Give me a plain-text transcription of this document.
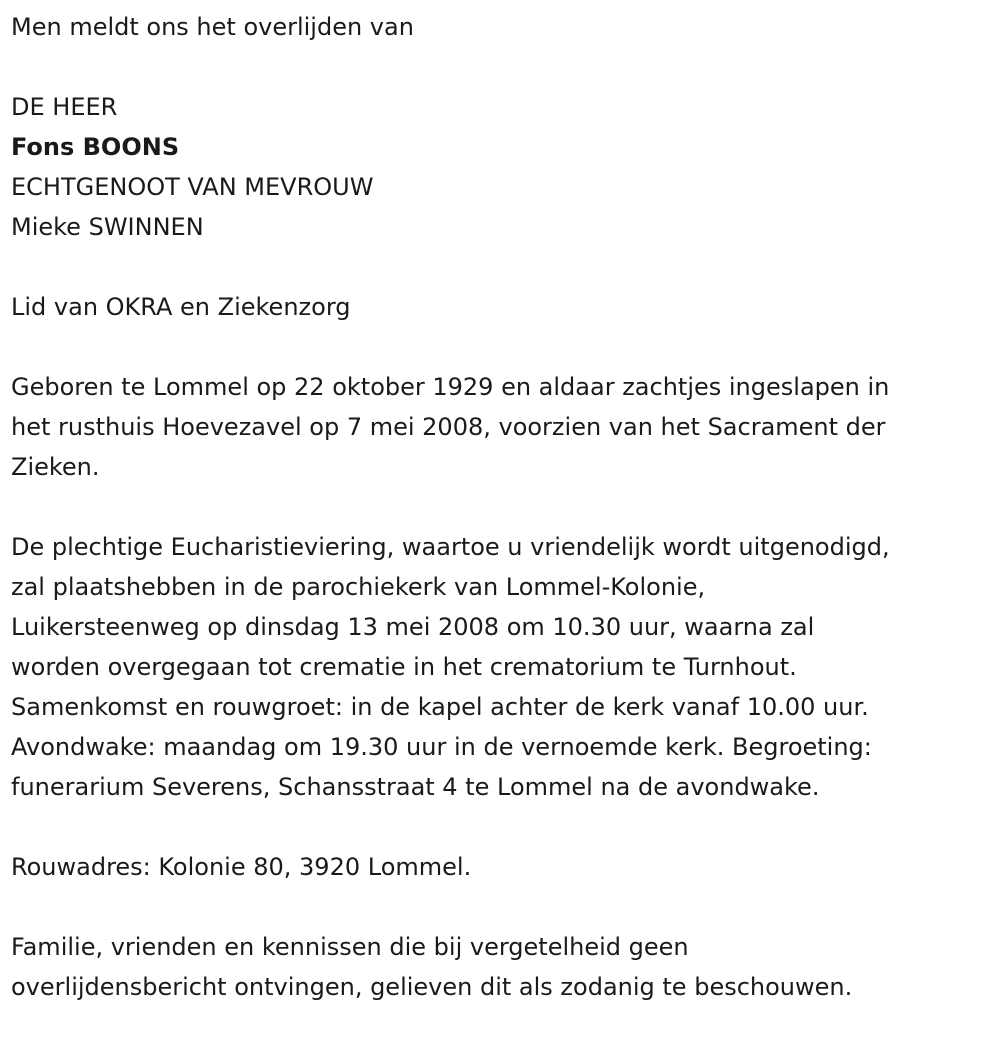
Men meldt ons het overlijden van
DE HEER
Fons BOONS
ECHTGENOOT VAN MEVROUW
Mieke SWINNEN
Lid van OKRA en Ziekenzorg
Geboren te Lommel op 22 oktober 1929 en aldaar zachtjes ingeslapen in
het rusthuis Hoevezavel op 7 mei 2008, voorzien van het Sacrament der
Zieken.
De plechtige Eucharistieviering, waartoe u vriendelijk wordt uitgenodigd,
zal plaatshebben in de parochiekerk van Lommel-Kolonie,
Luikersteenweg op dinsdag 13 mei 2008 om 10.30 uur, waarna zal
worden overgegaan tot crematie in het crematorium te Turnhout.
Samenkomst en rouwgroet: in de kapel achter de kerk vanaf 10.00 uur.
Avondwake: maandag om 19.30 uur in de vernoemde kerk. Begroeting:
funerarium Severens, Schansstraat 4 te Lommel na de avondwake.
Rouwadres: Kolonie 80, 3920 Lommel.
Familie, vrienden en kennissen die bij vergetelheid geen
overlijdensbericht ontvingen, gelieven dit als zodanig te beschouwen.
